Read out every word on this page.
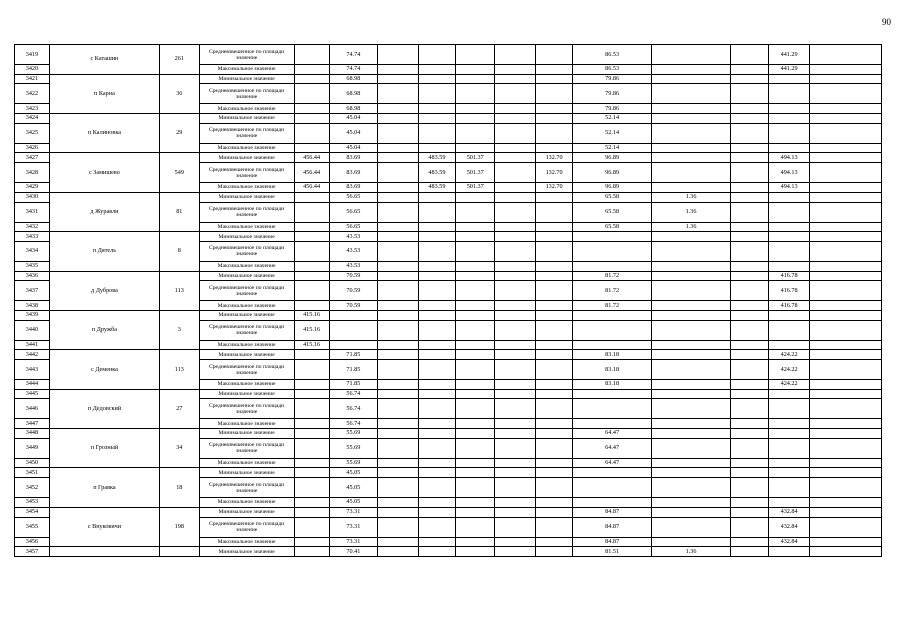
90
3419	с Каташин	261	Средневзвешенное по площади значение		74.74						86.53			441.29	
3420			Максимальное значение		74.74						86.53			441.29	
3421	п Карна	36	Минимальное значение		68.98						79.86				
3422			Средневзвешенное по площади значение		68.98						79.86				
3423			Максимальное значение		68.98						79.86				
3424	п Калиновка	29	Минимальное значение		45.04						52.14				
3425			Средневзвешенное по площади значение		45.04						52.14				
3426			Максимальное значение		45.04						52.14				
3427	с Замишево	549	Минимальное значение	456.44	83.69		483.59	501.37		132.70	96.89			494.13	
3428			Средневзвешенное по площади значение	456.44	83.69		483.59	501.37		132.70	96.89			494.13	
3429			Максимальное значение	456.44	83.69		483.59	501.37		132.70	96.89			494.13	
3430	д Журавли	81	Минимальное значение		56.65						65.58	1.36			
3431			Средневзвешенное по площади значение		56.65						65.58	1.36			
3432			Максимальное значение		56.65						65.58	1.36			
3433	п Дятель	8	Минимальное значение		43.53										
3434			Средневзвешенное по площади значение		43.53										
3435			Максимальное значение		43.53										
3436	д Дуброва	113	Минимальное значение		70.59						81.72			416.78	
3437			Средневзвешенное по площади значение		70.59						81.72			416.78	
3438			Максимальное значение		70.59						81.72			416.78	
3439	п Дружба	3	Минимальное значение	415.16											
3440			Средневзвешенное по площади значение	415.16											
3441			Максимальное значение	415.16											
3442	с Деменка	113	Минимальное значение		71.85						83.18			424.22	
3443			Средневзвешенное по площади значение		71.85						83.18			424.22	
3444			Максимальное значение		71.85						83.18			424.22	
3445	п Дедовский	27	Минимальное значение		56.74										
3446			Средневзвешенное по площади значение		56.74										
3447			Максимальное значение		56.74										
3448	п Грозный	34	Минимальное значение		55.69						64.47				
3449			Средневзвешенное по площади значение		55.69						64.47				
3450			Максимальное значение		55.69						64.47				
3451	п Гравка	18	Минимальное значение		45.05										
3452			Средневзвешенное по площади значение		45.05										
3453			Максимальное значение		45.05										
3454	с Внуковичи	198	Минимальное значение		73.31						84.87			432.84	
3455			Средневзвешенное по площади значение		73.31						84.87			432.84	
3456			Максимальное значение		73.31						84.87			432.84	
3457			Минимальное значение		70.41						81.51	1.36			
